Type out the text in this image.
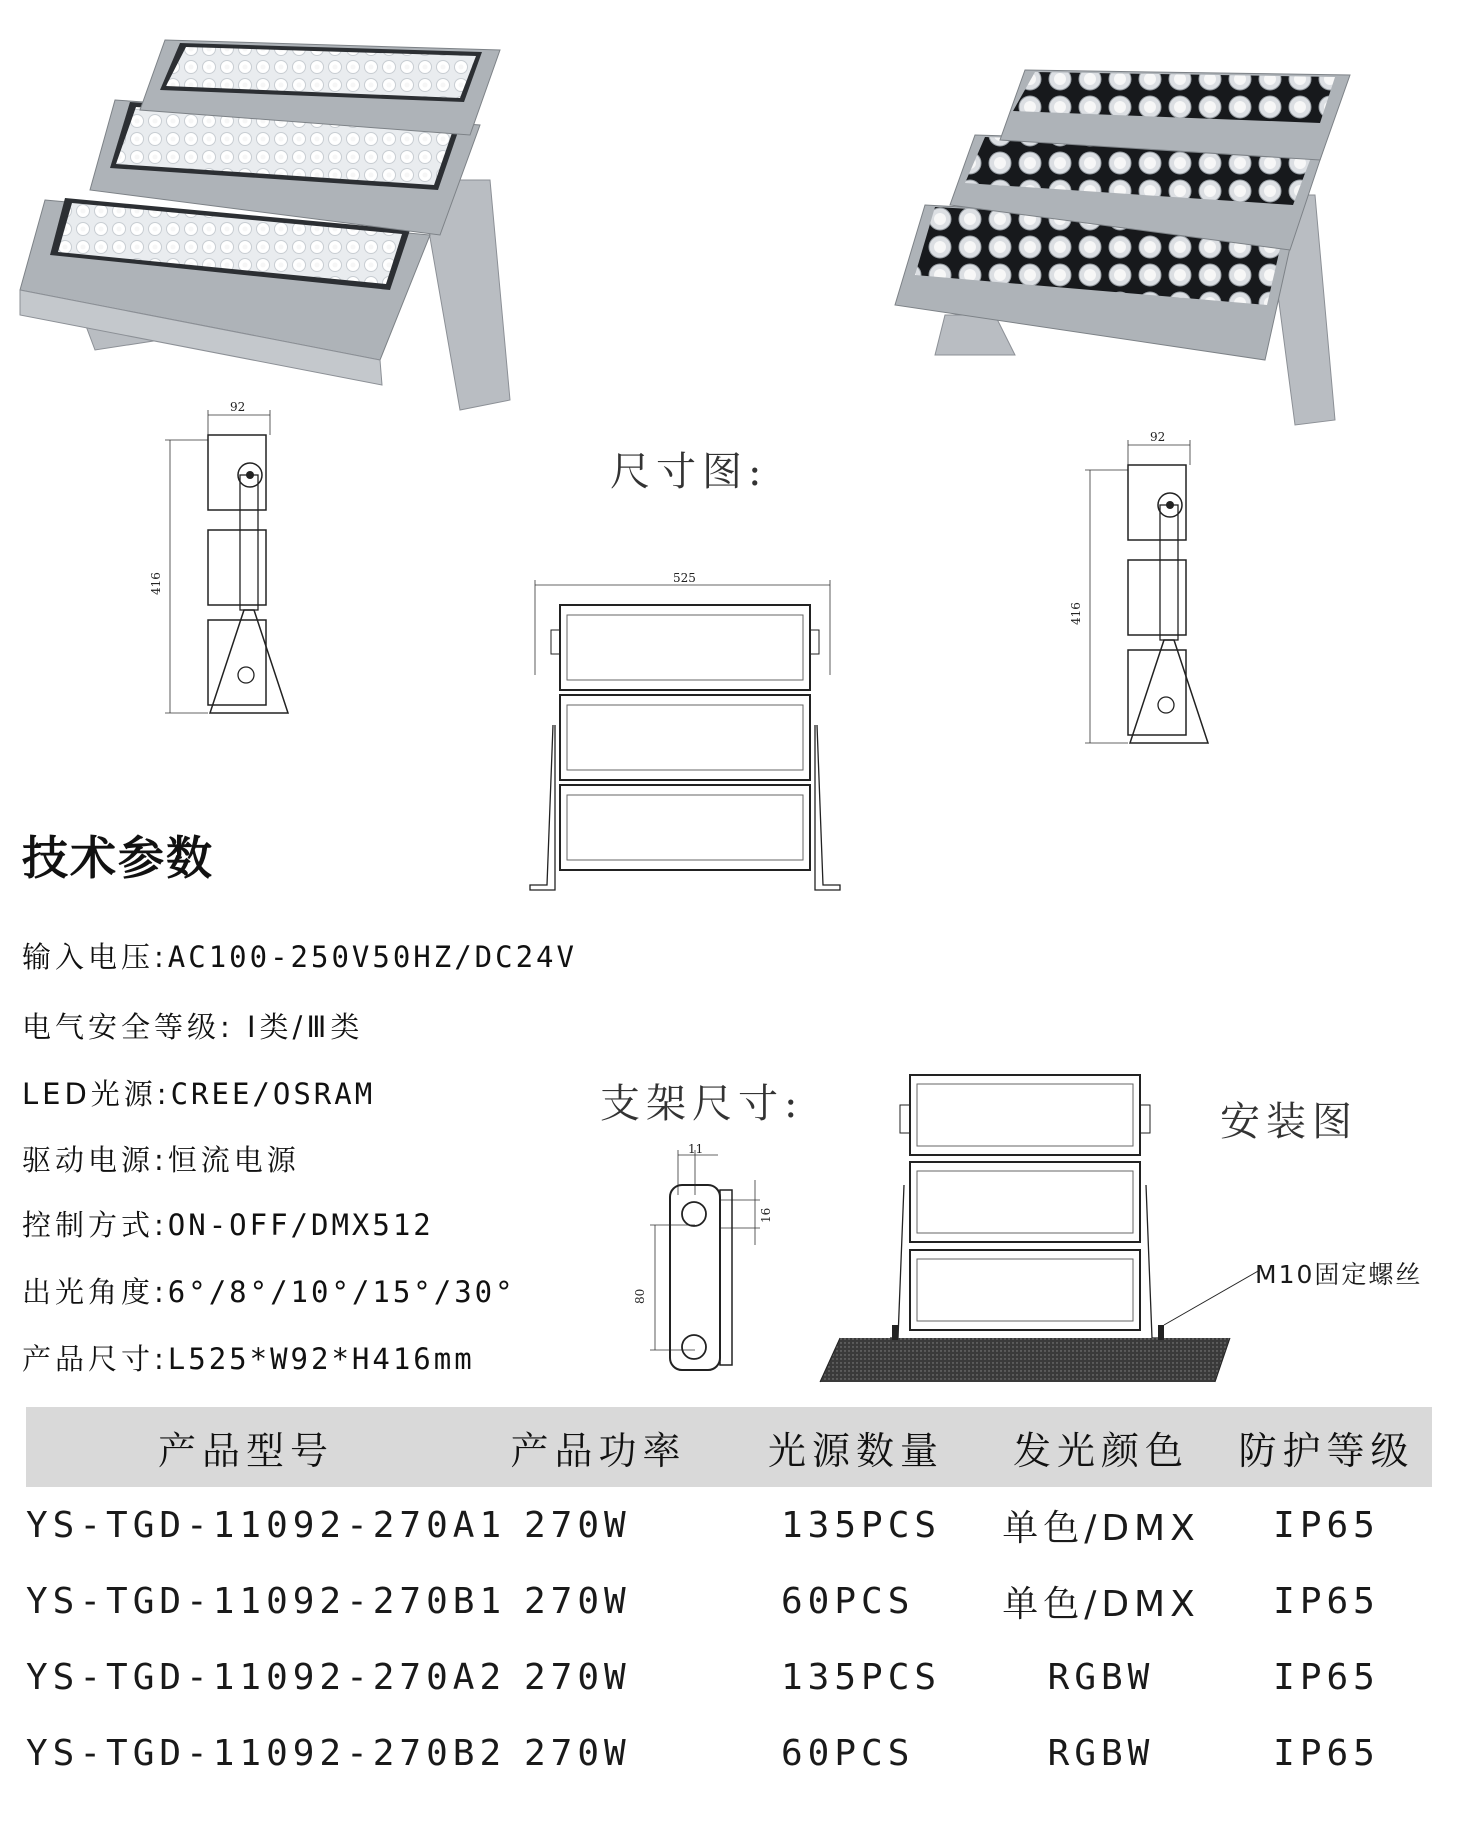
92
416
92
416
尺寸图:
525
技术参数
输入电压:AC100-250V50HZ/DC24V
电气安全等级: Ⅰ类/Ⅲ类
LED光源:CREE/OSRAM
驱动电源:恒流电源
控制方式:ON-OFF/DMX512
出光角度:6°/8°/10°/15°/30°
产品尺寸:L525*W92*H416mm
支架尺寸:
11
16
80
安装图
M10固定螺丝
产品型号	产品功率	光源数量	发光颜色	防护等级
YS-TGD-11092-270A1 270W	135PCS	单色/DMX	IP65
YS-TGD-11092-270B1 270W	60PCS	单色/DMX	IP65
YS-TGD-11092-270A2 270W	135PCS	RGBW	IP65
YS-TGD-11092-270B2 270W	60PCS	RGBW	IP65
